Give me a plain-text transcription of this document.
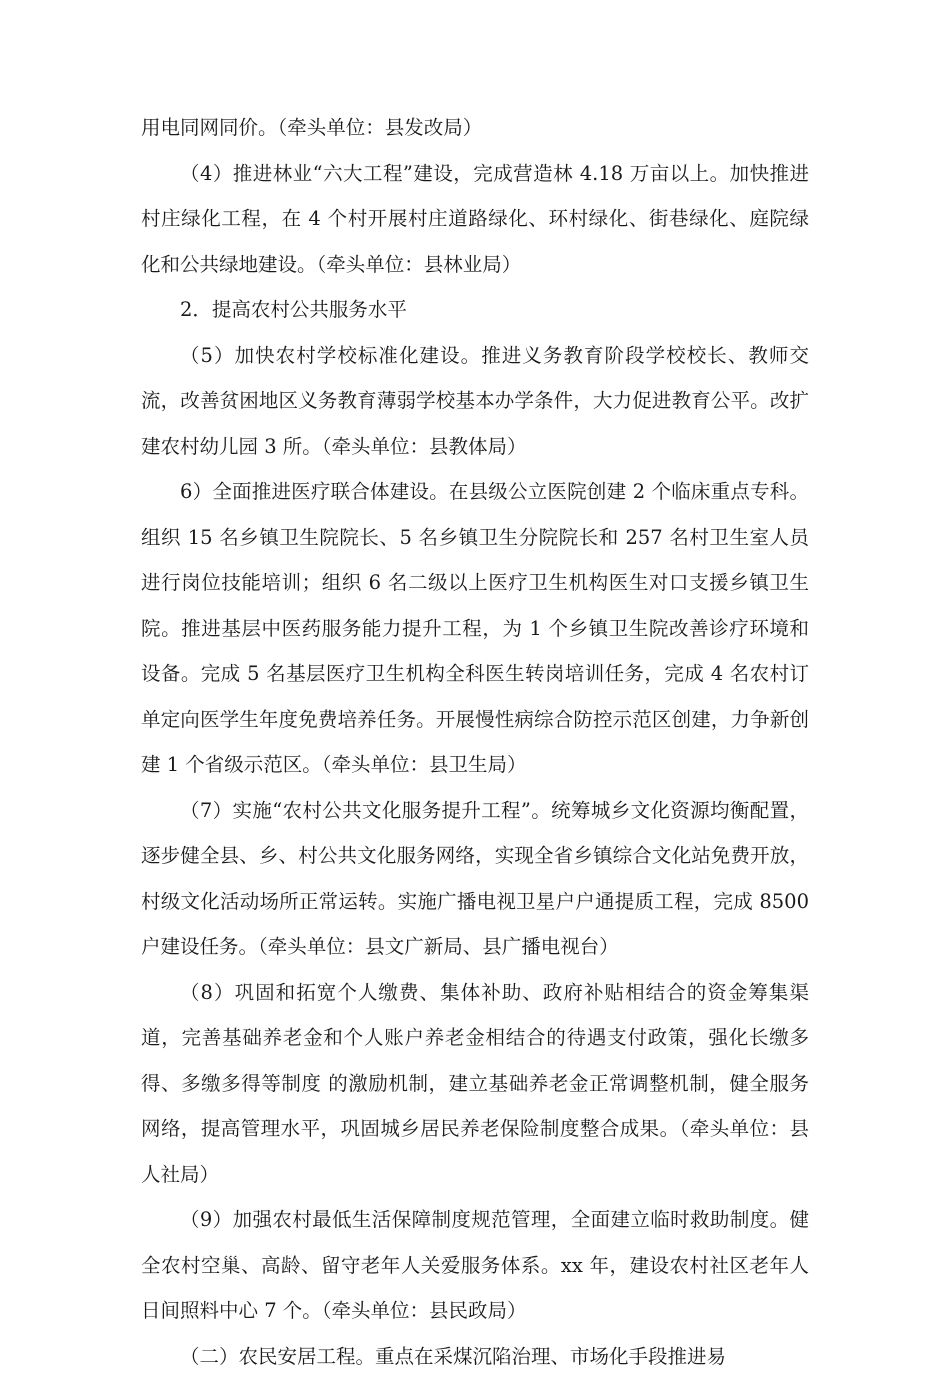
用电同网同价。（牵头单位：县发改局）

（4）推进林业“六大工程”建设，完成营造林 4.18 万亩以上。加快推进村庄绿化工程，在 4 个村开展村庄道路绿化、环村绿化、街巷绿化、庭院绿化和公共绿地建设。（牵头单位：县林业局）

2．提高农村公共服务水平

（5）加快农村学校标准化建设。推进义务教育阶段学校校长、教师交流，改善贫困地区义务教育薄弱学校基本办学条件，大力促进教育公平。改扩建农村幼儿园 3 所。（牵头单位：县教体局）

6）全面推进医疗联合体建设。在县级公立医院创建 2 个临床重点专科。组织 15 名乡镇卫生院院长、5 名乡镇卫生分院院长和 257 名村卫生室人员进行岗位技能培训；组织 6 名二级以上医疗卫生机构医生对口支援乡镇卫生院。推进基层中医药服务能力提升工程，为 1 个乡镇卫生院改善诊疗环境和设备。完成 5 名基层医疗卫生机构全科医生转岗培训任务，完成 4 名农村订单定向医学生年度免费培养任务。开展慢性病综合防控示范区创建，力争新创建 1 个省级示范区。（牵头单位：县卫生局）

（7）实施“农村公共文化服务提升工程”。统筹城乡文化资源均衡配置，逐步健全县、乡、村公共文化服务网络，实现全省乡镇综合文化站免费开放，村级文化活动场所正常运转。实施广播电视卫星户户通提质工程，完成 8500 户建设任务。（牵头单位：县文广新局、县广播电视台）

（8）巩固和拓宽个人缴费、集体补助、政府补贴相结合的资金筹集渠道，完善基础养老金和个人账户养老金相结合的待遇支付政策，强化长缴多得、多缴多得等制度 的激励机制，建立基础养老金正常调整机制，健全服务网络，提高管理水平，巩固城乡居民养老保险制度整合成果。（牵头单位：县人社局）

（9）加强农村最低生活保障制度规范管理，全面建立临时救助制度。健全农村空巢、高龄、留守老年人关爱服务体系。xx 年，建设农村社区老年人日间照料中心 7 个。（牵头单位：县民政局）

（二）农民安居工程。重点在采煤沉陷治理、市场化手段推进易
